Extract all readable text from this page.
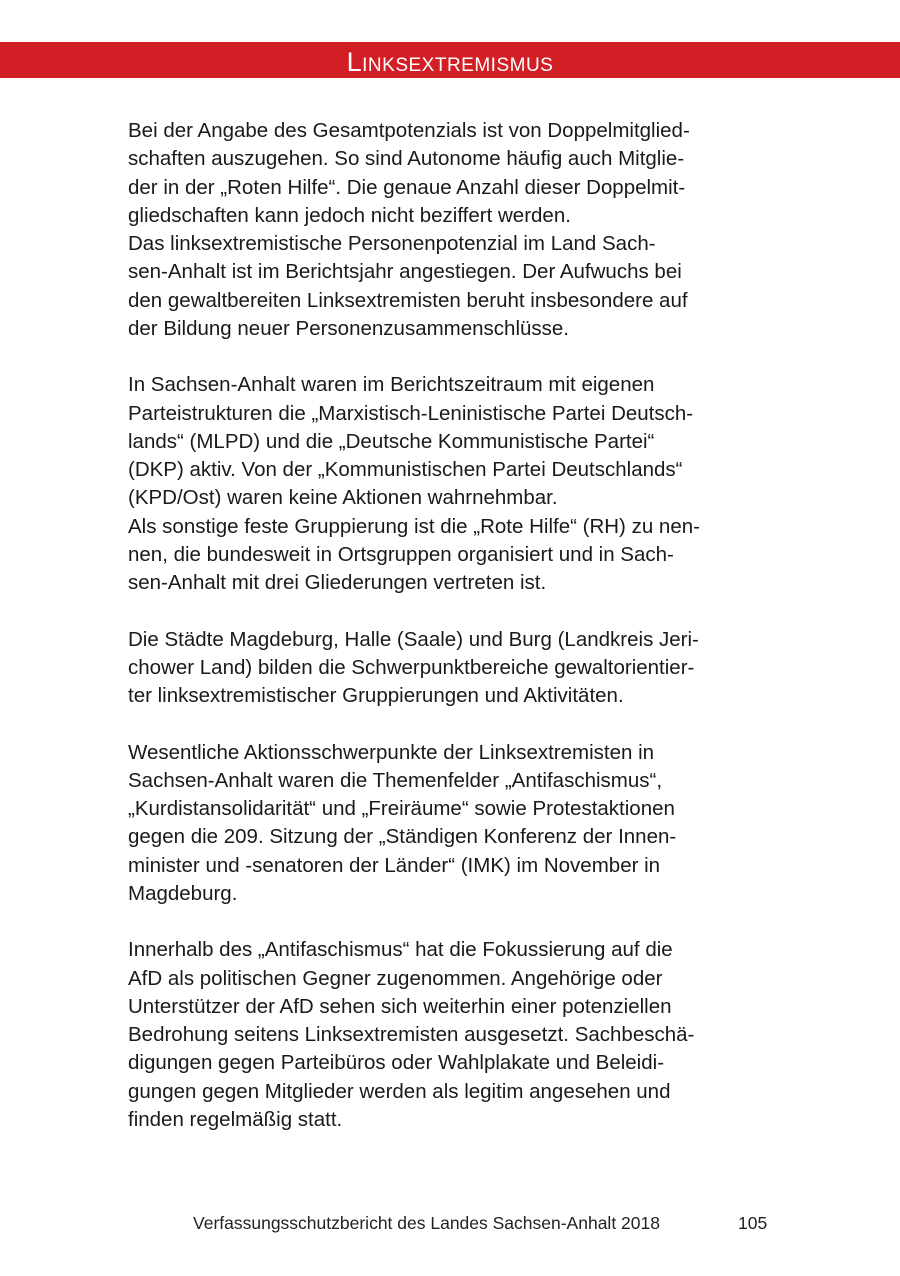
Linksextremismus
Bei der Angabe des Gesamtpotenzials ist von Doppelmitglied-
schaften auszugehen. So sind Autonome häufig auch Mitglie-
der in der „Roten Hilfe“. Die genaue Anzahl dieser Doppelmit-
gliedschaften kann jedoch nicht beziffert werden.
Das linksextremistische Personenpotenzial im Land Sach-
sen-Anhalt ist im Berichtsjahr angestiegen. Der Aufwuchs bei
den gewaltbereiten Linksextremisten beruht insbesondere auf
der Bildung neuer Personenzusammenschlüsse.
In Sachsen-Anhalt waren im Berichtszeitraum mit eigenen
Parteistrukturen die „Marxistisch-Leninistische Partei Deutsch-
lands“ (MLPD) und die „Deutsche Kommunistische Partei“
(DKP) aktiv. Von der „Kommunistischen Partei Deutschlands“
(KPD/Ost) waren keine Aktionen wahrnehmbar.
Als sonstige feste Gruppierung ist die „Rote Hilfe“ (RH) zu nen-
nen, die bundesweit in Ortsgruppen organisiert und in Sach-
sen-Anhalt mit drei Gliederungen vertreten ist.
Die Städte Magdeburg, Halle (Saale) und Burg (Landkreis Jeri-
chower Land) bilden die Schwerpunktbereiche gewaltorientier-
ter linksextremistischer Gruppierungen und Aktivitäten.
Wesentliche Aktionsschwerpunkte der Linksextremisten in
Sachsen-Anhalt waren die Themenfelder „Antifaschismus“,
„Kurdistansolidarität“ und „Freiräume“ sowie Protestaktionen
gegen die 209. Sitzung der „Ständigen Konferenz der Innen-
minister und -senatoren der Länder“ (IMK) im November in
Magdeburg.
Innerhalb des „Antifaschismus“ hat die Fokussierung auf die
AfD als politischen Gegner zugenommen. Angehörige oder
Unterstützer der AfD sehen sich weiterhin einer potenziellen
Bedrohung seitens Linksextremisten ausgesetzt. Sachbeschä-
digungen gegen Parteibüros oder Wahlplakate und Beleidi-
gungen gegen Mitglieder werden als legitim angesehen und
finden regelmäßig statt.
Verfassungsschutzbericht des Landes Sachsen-Anhalt 2018	105
